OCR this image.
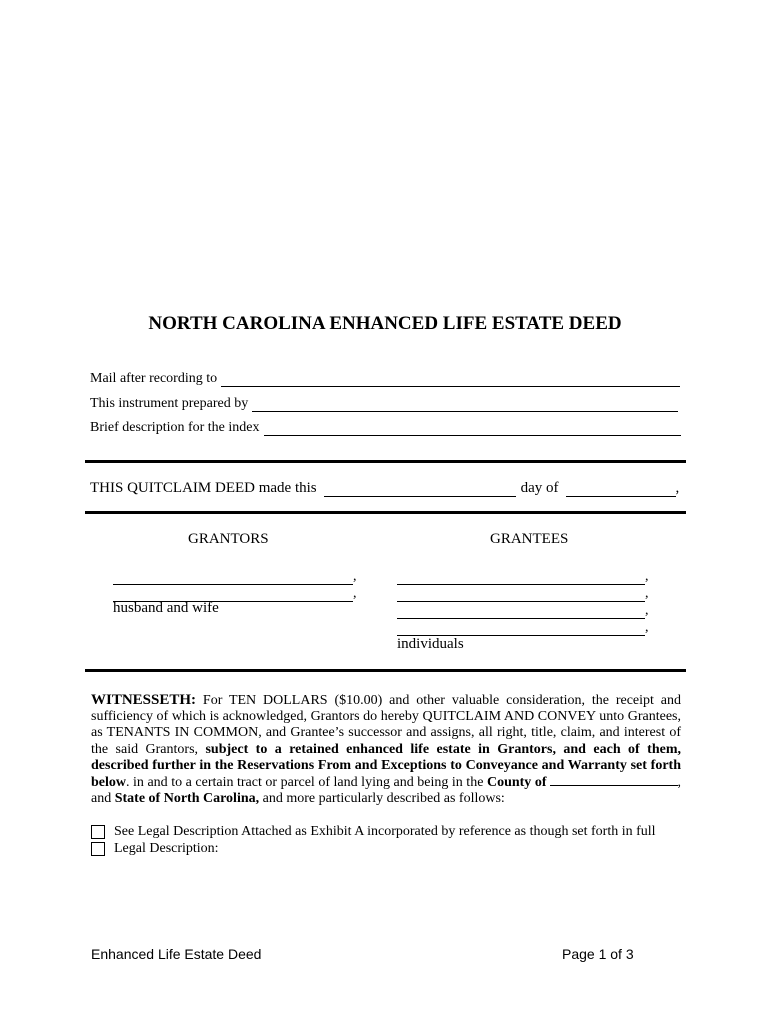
NORTH CAROLINA ENHANCED LIFE ESTATE DEED
Mail after recording to
This instrument prepared by
Brief description for the index
THIS QUITCLAIM DEED made this	day of	,
GRANTORS	GRANTEES
,
,
husband and wife
,
,
,
,
individuals
WITNESSETH: For TEN DOLLARS ($10.00) and other valuable consideration, the receipt and sufficiency of which is acknowledged, Grantors do hereby QUITCLAIM AND CONVEY unto Grantees, as TENANTS IN COMMON, and Grantee’s successor and assigns, all right, title, claim, and interest of the said Grantors, subject to a retained enhanced life estate in Grantors, and each of them, described further in the Reservations From and Exceptions to Conveyance and Warranty set forth below. in and to a certain tract or parcel of land lying and being in the County of	, and State of North Carolina, and more particularly described as follows:
See Legal Description Attached as Exhibit A incorporated by reference as though set forth in full
Legal Description:
Enhanced Life Estate Deed	Page 1 of 3
